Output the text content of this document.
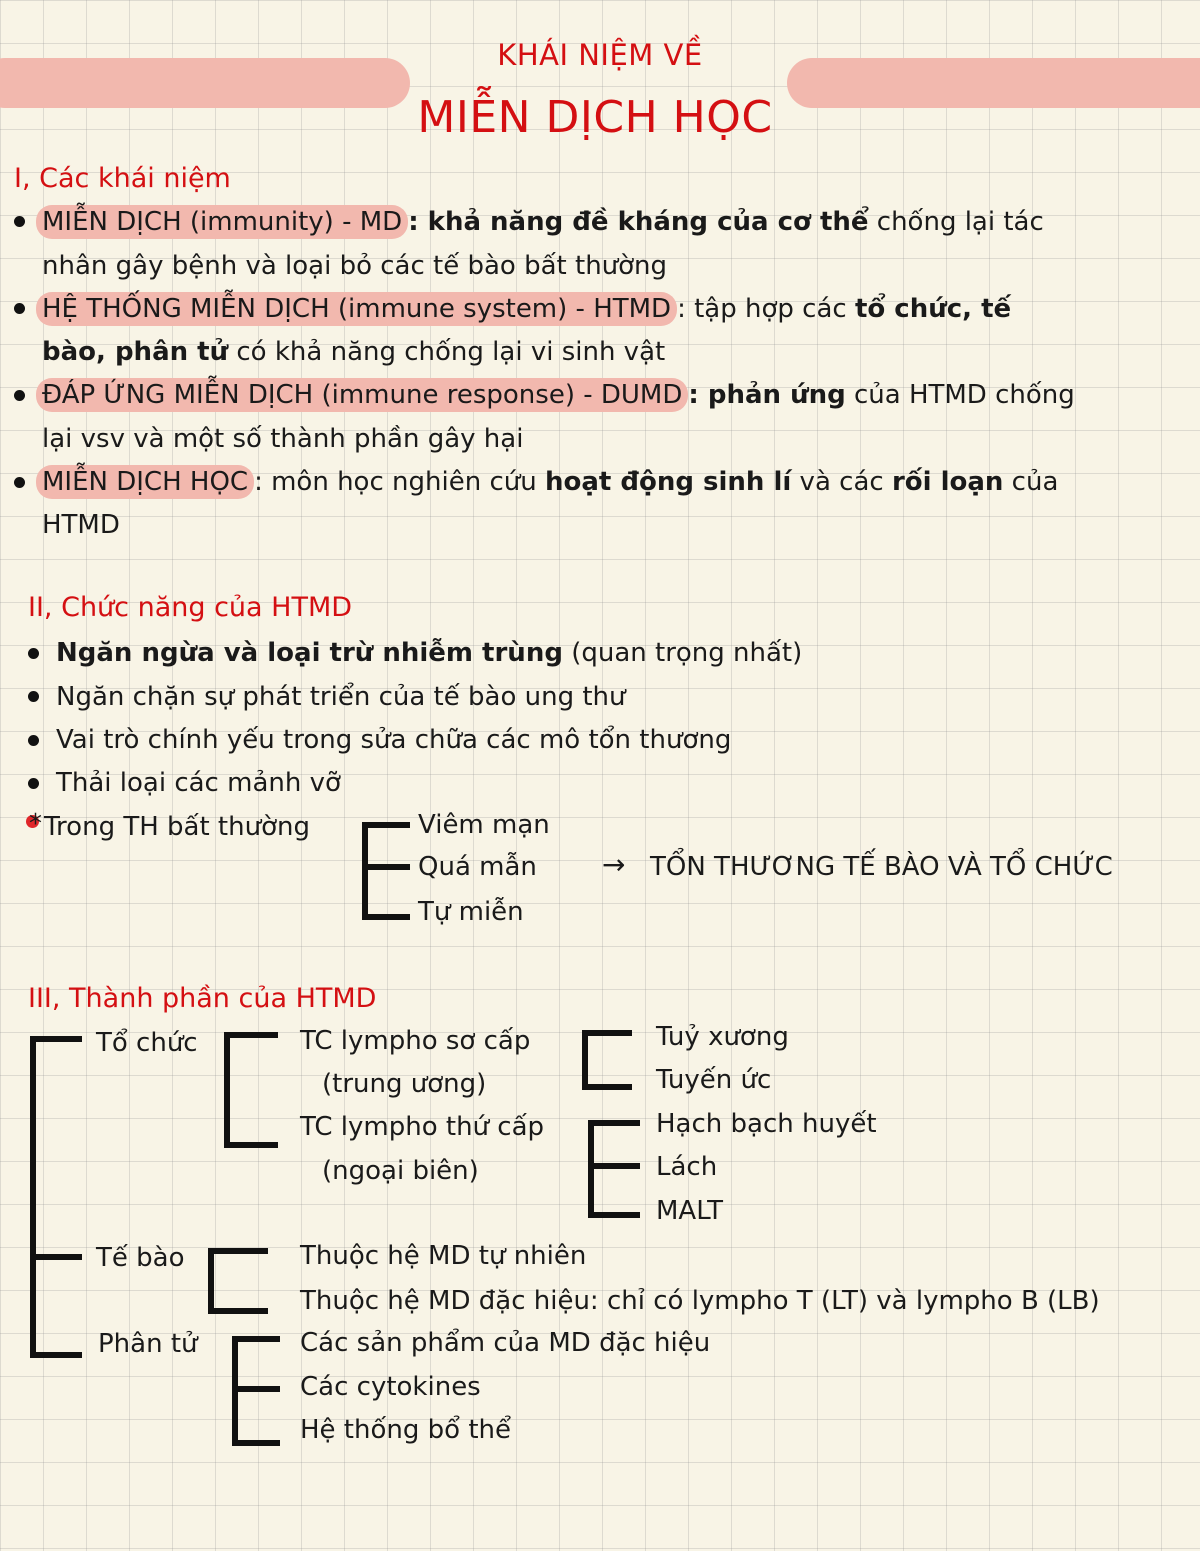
KHÁI NIỆM VỀ
MIỄN DỊCH HỌC
I, Các khái niệm
MIỄN DỊCH (immunity) - MD : khả năng đề kháng của cơ thể chống lại tác
nhân gây bệnh và loại bỏ các tế bào bất thường
HỆ THỐNG MIỄN DỊCH (immune system) - HTMD : tập hợp các tổ chức, tế
bào, phân tử có khả năng chống lại vi sinh vật
ĐÁP ỨNG MIỄN DỊCH (immune response) - DUMD : phản ứng của HTMD chống
lại vsv và một số thành phần gây hại
MIỄN DỊCH HỌC : môn học nghiên cứu hoạt động sinh lí và các rối loạn của
HTMD
II, Chức năng của HTMD
Ngăn ngừa và loại trừ nhiễm trùng (quan trọng nhất)
Ngăn chặn sự phát triển của tế bào ung thư
Vai trò chính yếu trong sửa chữa các mô tổn thương
Thải loại các mảnh vỡ
* Trong TH bất thường	Viêm mạn
Quá mẫn
Tự miễn
→ TỔN THƯƠNG TẾ BÀO VÀ TỔ CHỨC
III, Thành phần của HTMD
Tổ chức
Tế bào
Phân tử
TC lympho sơ cấp
(trung ương)
TC lympho thứ cấp
(ngoại biên)
Tuỷ xương
Tuyến ức
Hạch bạch huyết
Lách
MALT
Thuộc hệ MD tự nhiên
Thuộc hệ MD đặc hiệu: chỉ có lympho T (LT) và lympho B (LB)
Các sản phẩm của MD đặc hiệu
Các cytokines
Hệ thống bổ thể
